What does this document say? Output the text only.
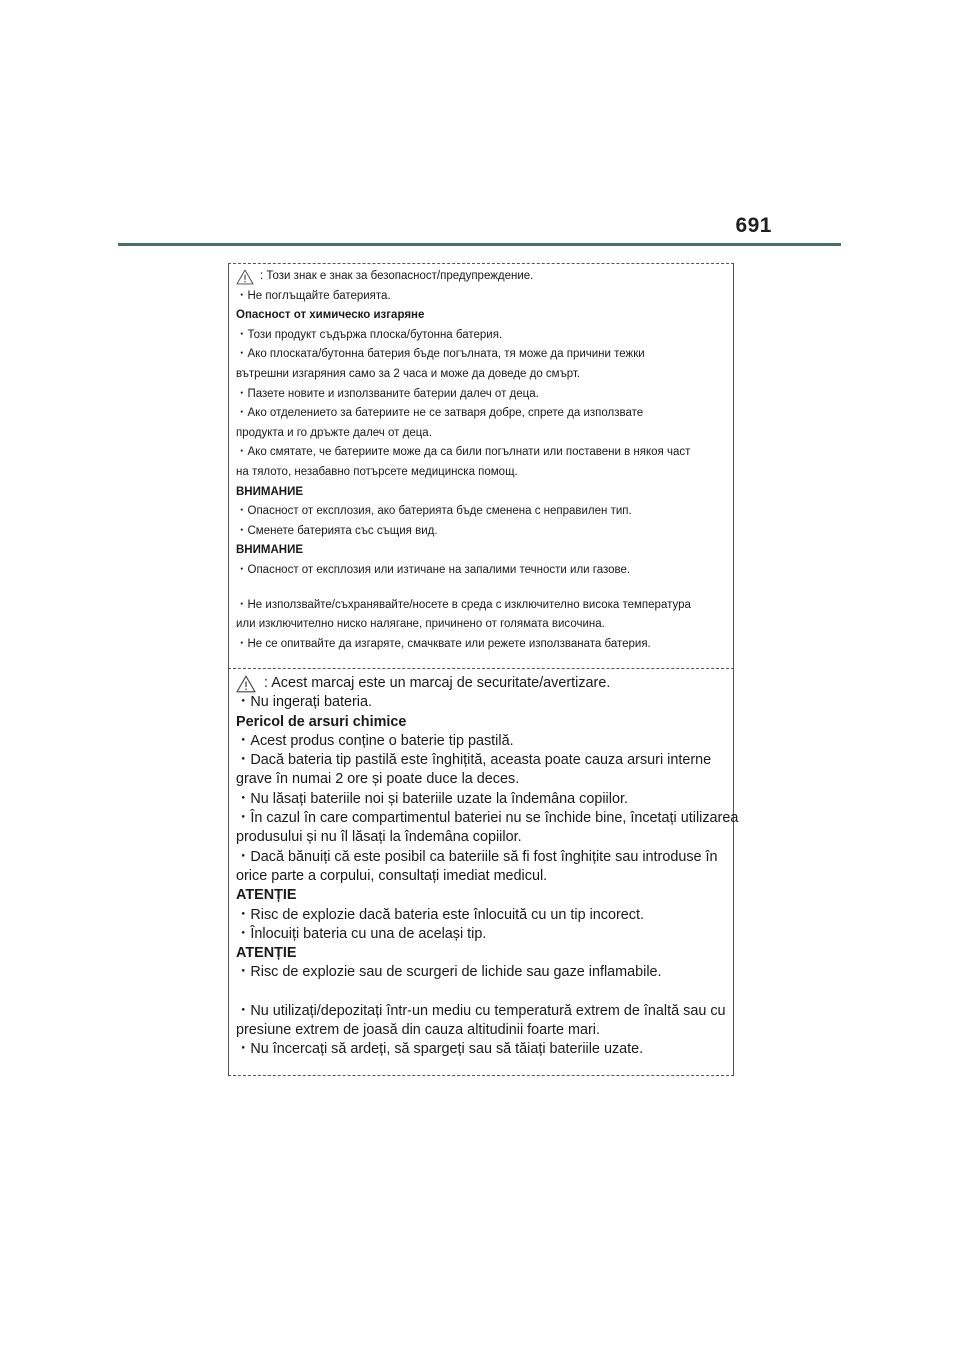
691
: Този знак е знак за безопасност/предупреждение.
・Не поглъщайте батерията.
Опасност от химическо изгаряне
・Този продукт съдържа плоска/бутонна батерия.
・Ако плоската/бутонна батерия бъде погълната, тя може да причини тежки
вътрешни изгаряния само за 2 часа и може да доведе до смърт.
・Пазете новите и използваните батерии далеч от деца.
・Ако отделението за батериите не се затваря добре, спрете да използвате
продукта и го дръжте далеч от деца.
・Ако смятате, че батериите може да са били погълнати или поставени в някоя част
на тялото, незабавно потърсете медицинска помощ.
ВНИМАНИЕ
・Опасност от експлозия, ако батерията бъде сменена с неправилен тип.
・Сменете батерията със същия вид.
ВНИМАНИЕ
・Опасност от експлозия или изтичане на запалими течности или газове.
・Не използвайте/съхранявайте/носете в среда с изключително висока температура
или изключително ниско налягане, причинено от голямата височина.
・Не се опитвайте да изгаряте, смачквате или режете използваната батерия.
: Acest marcaj este un marcaj de securitate/avertizare.
・Nu ingerați bateria.
Pericol de arsuri chimice
・Acest produs conține o baterie tip pastilă.
・Dacă bateria tip pastilă este înghițită, aceasta poate cauza arsuri interne
grave în numai 2 ore și poate duce la deces.
・Nu lăsați bateriile noi și bateriile uzate la îndemâna copiilor.
・În cazul în care compartimentul bateriei nu se închide bine, încetați utilizarea
produsului și nu îl lăsați la îndemâna copiilor.
・Dacă bănuiți că este posibil ca bateriile să fi fost înghițite sau introduse în
orice parte a corpului, consultați imediat medicul.
ATENȚIE
・Risc de explozie dacă bateria este înlocuită cu un tip incorect.
・Înlocuiți bateria cu una de același tip.
ATENȚIE
・Risc de explozie sau de scurgeri de lichide sau gaze inflamabile.
・Nu utilizați/depozitați într-un mediu cu temperatură extrem de înaltă sau cu
presiune extrem de joasă din cauza altitudinii foarte mari.
・Nu încercați să ardeți, să spargeți sau să tăiați bateriile uzate.
